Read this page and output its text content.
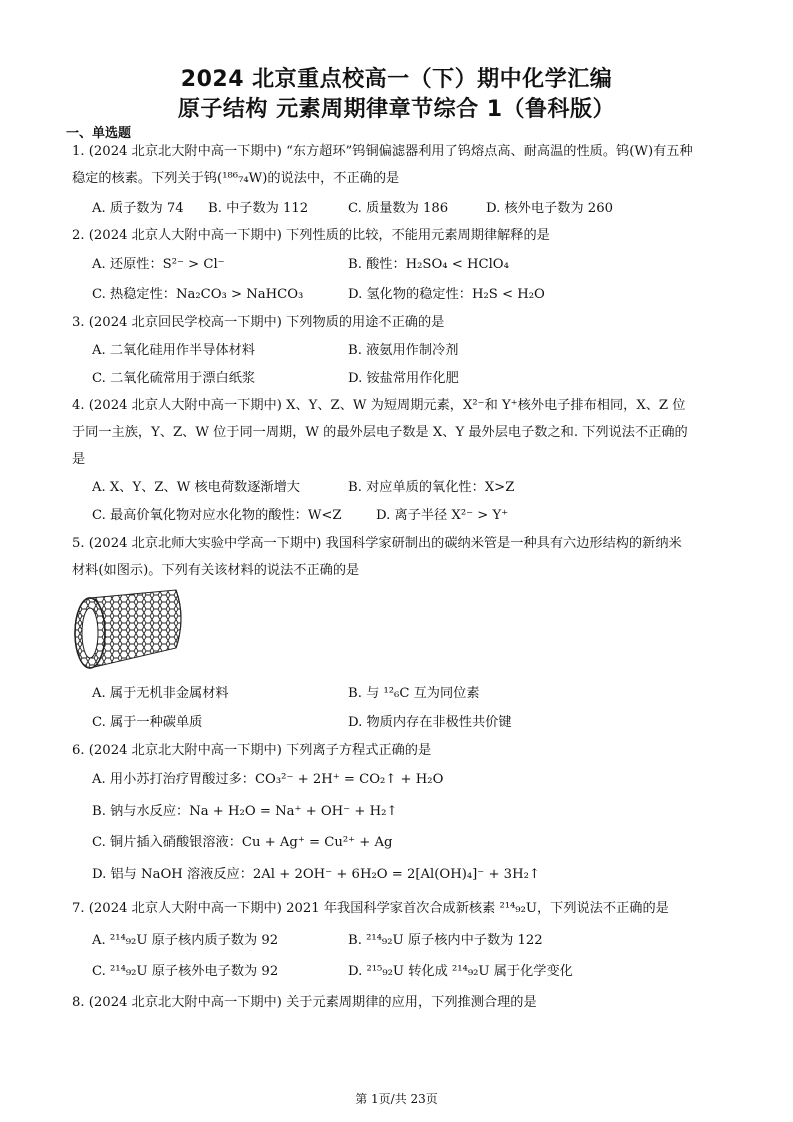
2024 北京重点校高一（下）期中化学汇编
原子结构 元素周期律章节综合 1（鲁科版）
一、单选题
1. (2024 北京北大附中高一下期中) “东方超环”钨铜偏滤器利用了钨熔点高、耐高温的性质。钨(W)有五种
稳定的核素。下列关于钨(¹⁸⁶₇₄W)的说法中，不正确的是
A. 质子数为 74 B. 中子数为 112	C. 质量数为 186	D. 核外电子数为 260
2. (2024 北京人大附中高一下期中) 下列性质的比较，不能用元素周期律解释的是
A. 还原性：S²⁻ > Cl⁻	B. 酸性：H₂SO₄ < HClO₄
C. 热稳定性：Na₂CO₃ > NaHCO₃	D. 氢化物的稳定性：H₂S < H₂O
3. (2024 北京回民学校高一下期中) 下列物质的用途不正确的是
A. 二氧化硅用作半导体材料	B. 液氨用作制冷剂
C. 二氧化硫常用于漂白纸浆	D. 铵盐常用作化肥
4. (2024 北京人大附中高一下期中) X、Y、Z、W 为短周期元素，X²⁻和 Y⁺核外电子排布相同，X、Z 位
于同一主族，Y、Z、W 位于同一周期，W 的最外层电子数是 X、Y 最外层电子数之和. 下列说法不正确的
是
A. X、Y、Z、W 核电荷数逐渐增大	B. 对应单质的氧化性：X>Z
C. 最高价氧化物对应水化物的酸性：W<Z	D. 离子半径 X²⁻ > Y⁺
5. (2024 北京北师大实验中学高一下期中) 我国科学家研制出的碳纳米管是一种具有六边形结构的新纳米
材料(如图示)。下列有关该材料的说法不正确的是
A. 属于无机非金属材料	B. 与 ¹²₆C 互为同位素
C. 属于一种碳单质	D. 物质内存在非极性共价键
6. (2024 北京北大附中高一下期中) 下列离子方程式正确的是
A. 用小苏打治疗胃酸过多：CO₃²⁻ + 2H⁺ = CO₂↑ + H₂O
B. 钠与水反应：Na + H₂O = Na⁺ + OH⁻ + H₂↑
C. 铜片插入硝酸银溶液：Cu + Ag⁺ = Cu²⁺ + Ag
D. 铝与 NaOH 溶液反应：2Al + 2OH⁻ + 6H₂O = 2[Al(OH)₄]⁻ + 3H₂↑
7. (2024 北京人大附中高一下期中) 2021 年我国科学家首次合成新核素 ²¹⁴₉₂U，下列说法不正确的是
A. ²¹⁴₉₂U 原子核内质子数为 92	B. ²¹⁴₉₂U 原子核内中子数为 122
C. ²¹⁴₉₂U 原子核外电子数为 92	D. ²¹⁵₉₂U 转化成 ²¹⁴₉₂U 属于化学变化
8. (2024 北京北大附中高一下期中) 关于元素周期律的应用，下列推测合理的是
第 1页/共 23页
